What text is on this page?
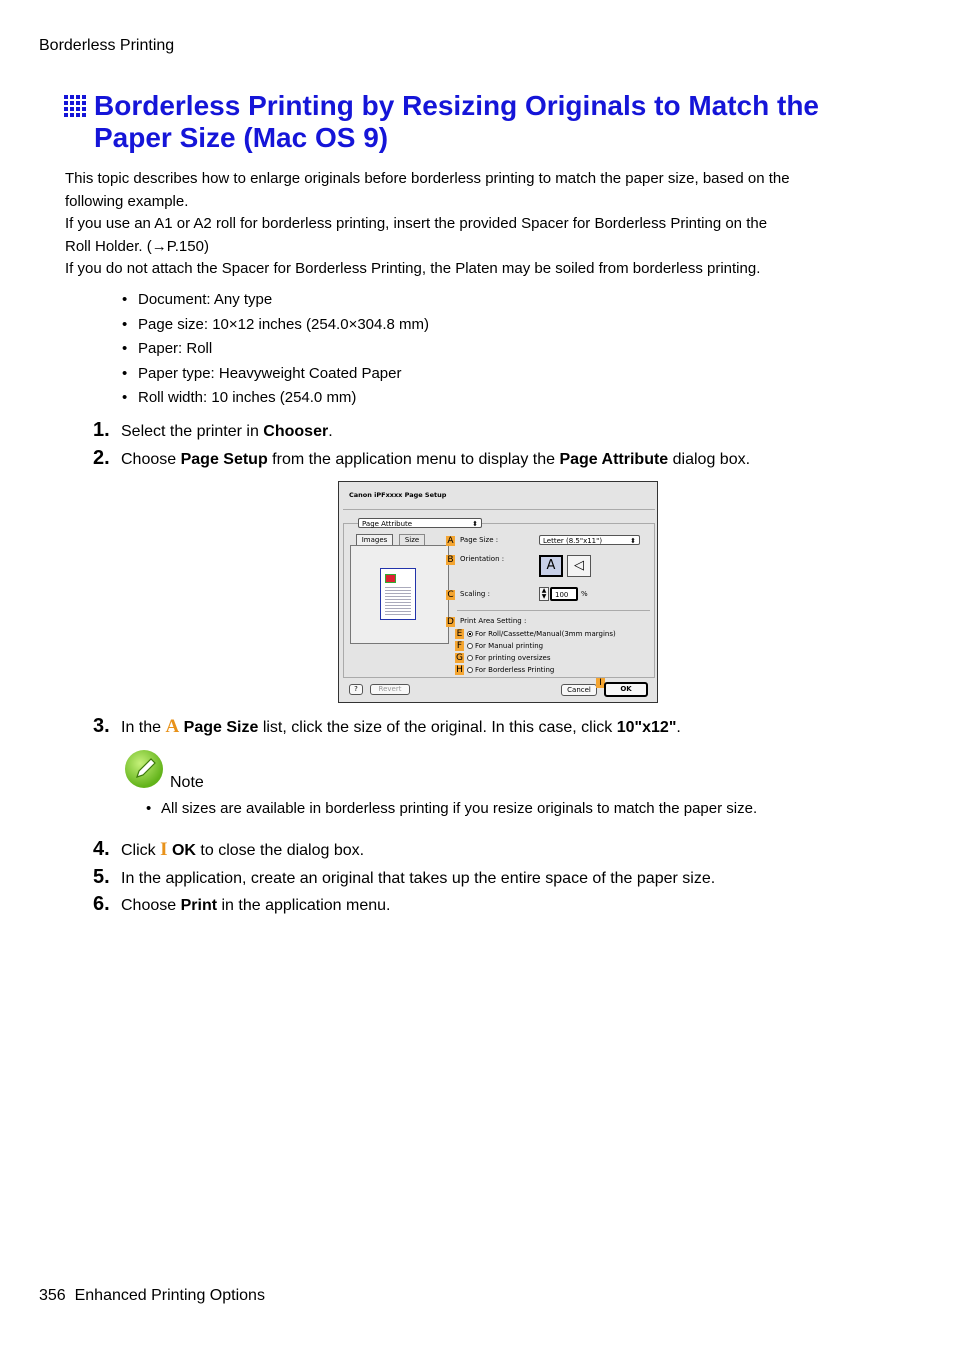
Borderless Printing
Borderless Printing by Resizing Originals to Match the Paper Size (Mac OS 9)
This topic describes how to enlarge originals before borderless printing to match the paper size, based on the
following example.
If you use an A1 or A2 roll for borderless printing, insert the provided Spacer for Borderless Printing on the
Roll Holder. (→P.150)
If you do not attach the Spacer for Borderless Printing, the Platen may be soiled from borderless printing.
• Document: Any type
• Page size: 10×12 inches (254.0×304.8 mm)
• Paper: Roll
• Paper type: Heavyweight Coated Paper
• Roll width: 10 inches (254.0 mm)
1. Select the printer in Chooser.
2. Choose Page Setup from the application menu to display the Page Attribute dialog box.
Canon iPFxxxx Page Setup
Page Attribute	⬍
Images	Size	A Page Size :	Letter (8.5"x11")	⬍
B Orientation :	A	◁
C Scaling :	▲
▼	100	%
D Print Area Setting :
E	For Roll/Cassette/Manual(3mm margins)
F	For Manual printing
G	For printing oversizes
H	For Borderless Printing
?	Revert	Cancel
I
OK
3. In the A Page Size list, click the size of the original. In this case, click 10"x12".
Note
• All sizes are available in borderless printing if you resize originals to match the paper size.
4. Click I OK to close the dialog box.
5. In the application, create an original that takes up the entire space of the paper size.
6. Choose Print in the application menu.
356 Enhanced Printing Options
